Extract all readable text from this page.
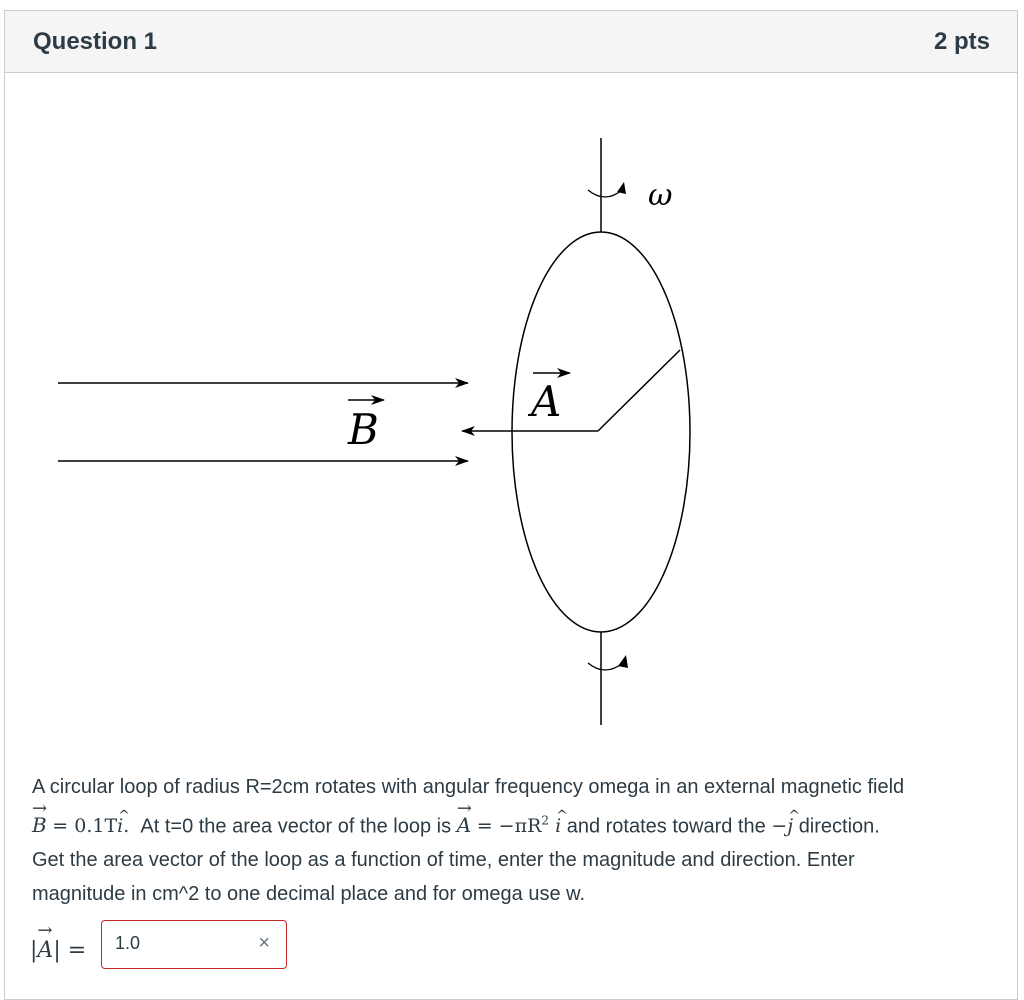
Question 1	2 pts
ω
B
A
A circular loop of radius R=2cm rotates with angular frequency omega in an external magnetic field
→ B = 0.1T^ i. At t=0 the area vector of the loop is → $A = -\pi R^2$ ^ i and rotates toward the −^ j direction.
Get the area vector of the loop as a function of time, enter the magnitude and direction. Enter
magnitude in cm^2 to one decimal place and for omega use w.
|→ A| =
1.0	×
